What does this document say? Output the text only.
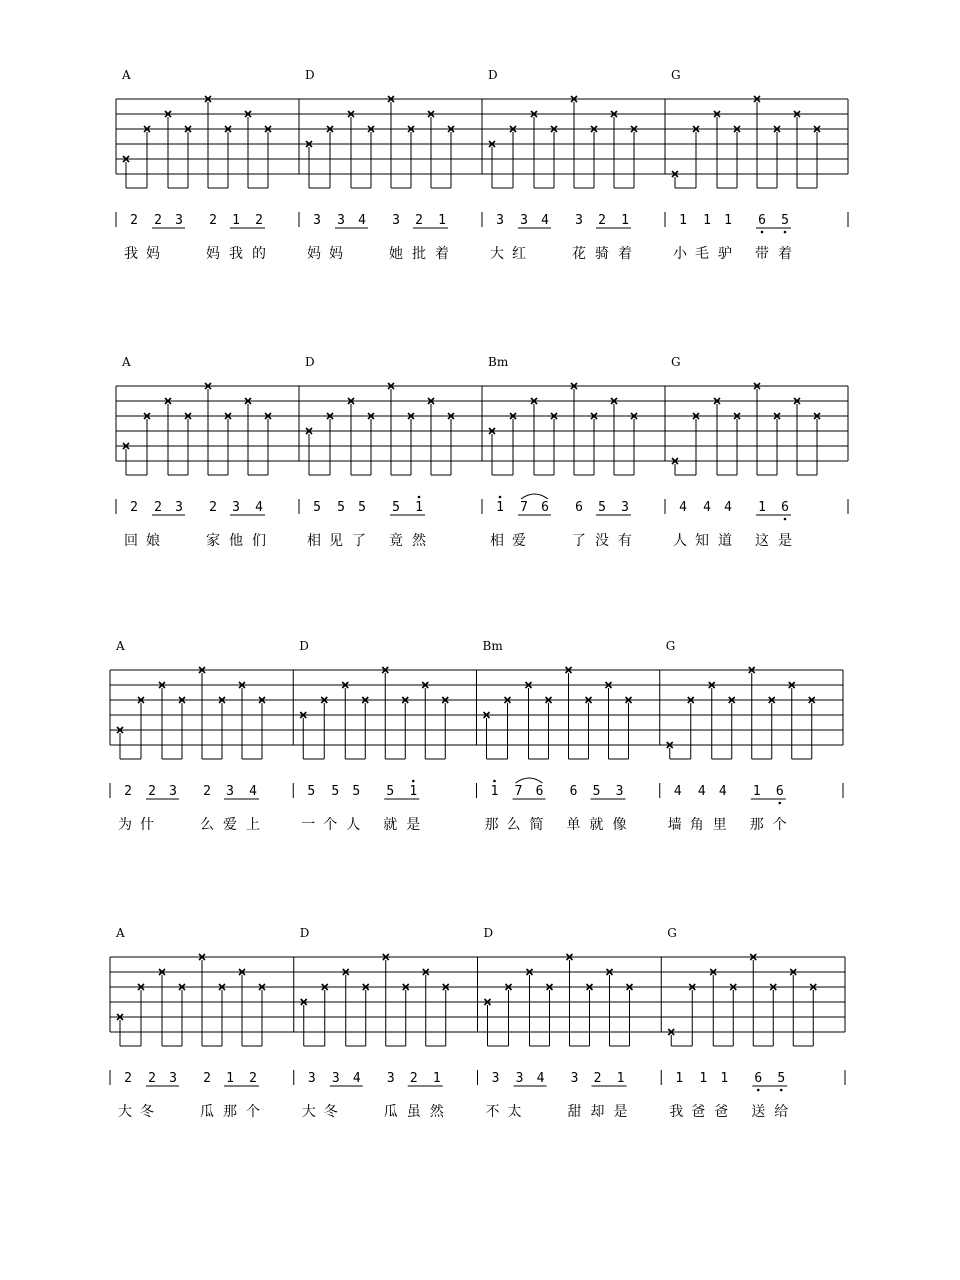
A
2 2 3 2 1 2
我 妈	妈 我 的
D
3 3 4 3 2 1
妈 妈	她 批 着
D
3 3 4 3 2 1
大 红	花 骑 着
G
1 1 1 6 5
小 毛 驴 带 着
A
2 2 3 2 3 4
回 娘	家 他 们
D
5 5 5 5 1
相 见 了 竟 然
Bm
1 7 6 6 5 3
相 爱	了 没 有
G
4 4 4 1 6
人 知 道 这 是
A
2 2 3 2 3 4
为 什	么 爱 上
D
5 5 5 5 1
一 个 人 就 是
Bm
1 7 6 6 5 3
那 么 简 单 就 像
G
4 4 4 1 6
墙 角 里 那 个
A
2 2 3 2 1 2
大 冬	瓜 那 个
D
3 3 4 3 2 1
大 冬	瓜 虽 然
D
3 3 4 3 2 1
不 太	甜 却 是
G
1 1 1 6 5
我 爸 爸 送 给
